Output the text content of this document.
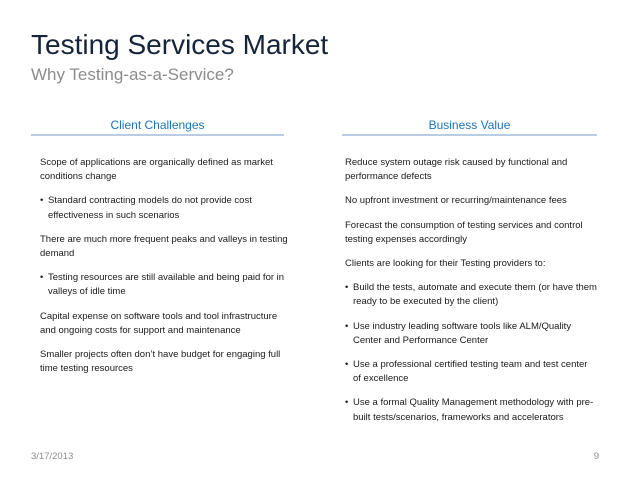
Testing Services Market
Why Testing-as-a-Service?
Client Challenges	Business Value
Scope of applications are organically defined as market conditions change
• Standard contracting models do not provide cost effectiveness in such scenarios
There are much more frequent peaks and valleys in testing demand
• Testing resources are still available and being paid for in valleys of idle time
Capital expense on software tools and tool infrastructure and ongoing costs for support and maintenance
Smaller projects often don’t have budget for engaging full time testing resources
Reduce system outage risk caused by functional and performance defects
No upfront investment or recurring/maintenance fees
Forecast the consumption of testing services and control testing expenses accordingly
Clients are looking for their Testing providers to:
• Build the tests, automate and execute them (or have them ready to be executed by the client)
• Use industry leading software tools like ALM/Quality Center and Performance Center
• Use a professional certified testing team and test center of excellence
• Use a formal Quality Management methodology with pre-built tests/scenarios, frameworks and accelerators
3/17/2013	9
